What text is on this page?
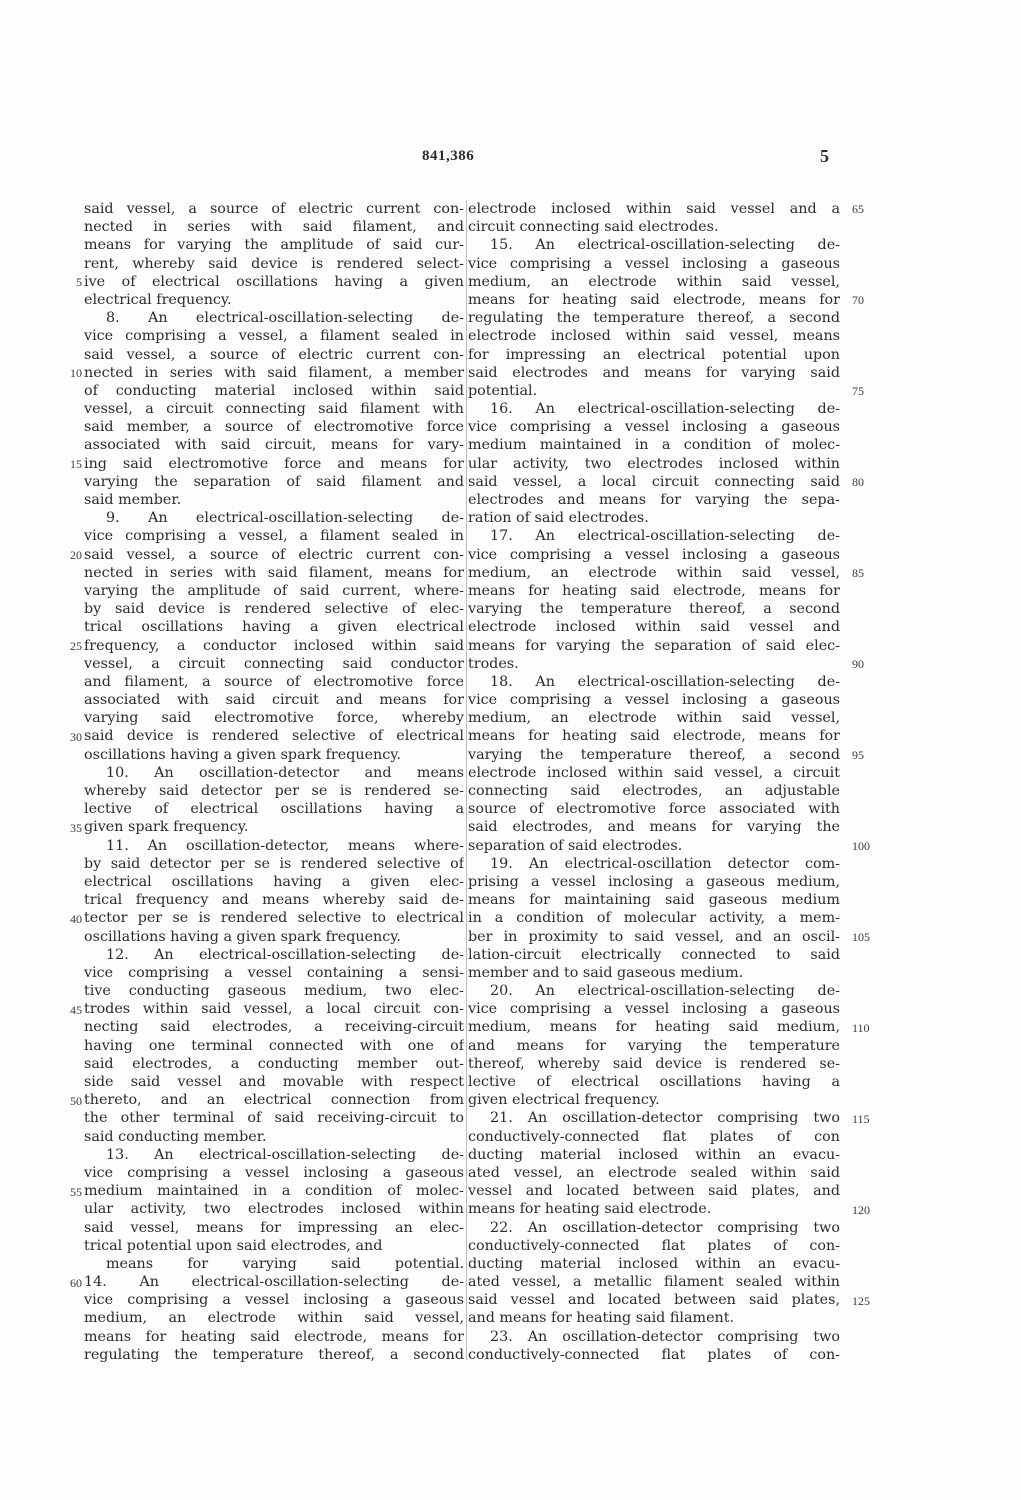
841,386	5
5
10
15
20
25
30
35
40
45
50
55
60
said vessel, a source of electric current con-
nected in series with said filament, and
means for varying the amplitude of said cur-
rent, whereby said device is rendered select-
ive of electrical oscillations having a given
electrical frequency.
8. An electrical-oscillation-selecting de-
vice comprising a vessel, a filament sealed in
said vessel, a source of electric current con-
nected in series with said filament, a member
of conducting material inclosed within said
vessel, a circuit connecting said filament with
said member, a source of electromotive force
associated with said circuit, means for vary-
ing said electromotive force and means for
varying the separation of said filament and
said member.
9. An electrical-oscillation-selecting de-
vice comprising a vessel, a filament sealed in
said vessel, a source of electric current con-
nected in series with said filament, means for
varying the amplitude of said current, where-
by said device is rendered selective of elec-
trical oscillations having a given electrical
frequency, a conductor inclosed within said
vessel, a circuit connecting said conductor
and filament, a source of electromotive force
associated with said circuit and means for
varying said electromotive force, whereby
said device is rendered selective of electrical
oscillations having a given spark frequency.
10. An oscillation-detector and means
whereby said detector per se is rendered se-
lective of electrical oscillations having a
given spark frequency.
11. An oscillation-detector, means where-
by said detector per se is rendered selective of
electrical oscillations having a given elec-
trical frequency and means whereby said de-
tector per se is rendered selective to electrical
oscillations having a given spark frequency.
12. An electrical-oscillation-selecting de-
vice comprising a vessel containing a sensi-
tive conducting gaseous medium, two elec-
trodes within said vessel, a local circuit con-
necting said electrodes, a receiving-circuit
having one terminal connected with one of
said electrodes, a conducting member out-
side said vessel and movable with respect
thereto, and an electrical connection from
the other terminal of said receiving-circuit to
said conducting member.
13. An electrical-oscillation-selecting de-
vice comprising a vessel inclosing a gaseous
medium maintained in a condition of molec-
ular activity, two electrodes inclosed within
said vessel, means for impressing an elec-
trical potential upon said electrodes, and
means for varying said potential.
14. An electrical-oscillation-selecting de-
vice comprising a vessel inclosing a gaseous
medium, an electrode within said vessel,
means for heating said electrode, means for
regulating the temperature thereof, a second
electrode inclosed within said vessel and a
circuit connecting said electrodes.
15. An electrical-oscillation-selecting de-
vice comprising a vessel inclosing a gaseous
medium, an electrode within said vessel,
means for heating said electrode, means for
regulating the temperature thereof, a second
electrode inclosed within said vessel, means
for impressing an electrical potential upon
said electrodes and means for varying said
potential.
16. An electrical-oscillation-selecting de-
vice comprising a vessel inclosing a gaseous
medium maintained in a condition of molec-
ular activity, two electrodes inclosed within
said vessel, a local circuit connecting said
electrodes and means for varying the sepa-
ration of said electrodes.
17. An electrical-oscillation-selecting de-
vice comprising a vessel inclosing a gaseous
medium, an electrode within said vessel,
means for heating said electrode, means for
varying the temperature thereof, a second
electrode inclosed within said vessel and
means for varying the separation of said elec-
trodes.
18. An electrical-oscillation-selecting de-
vice comprising a vessel inclosing a gaseous
medium, an electrode within said vessel,
means for heating said electrode, means for
varying the temperature thereof, a second
electrode inclosed within said vessel, a circuit
connecting said electrodes, an adjustable
source of electromotive force associated with
said electrodes, and means for varying the
separation of said electrodes.
19. An electrical-oscillation detector com-
prising a vessel inclosing a gaseous medium,
means for maintaining said gaseous medium
in a condition of molecular activity, a mem-
ber in proximity to said vessel, and an oscil-
lation-circuit electrically connected to said
member and to said gaseous medium.
20. An electrical-oscillation-selecting de-
vice comprising a vessel inclosing a gaseous
medium, means for heating said medium,
and means for varying the temperature
thereof, whereby said device is rendered se-
lective of electrical oscillations having a
given electrical frequency.
21. An oscillation-detector comprising two
conductively-connected flat plates of con
ducting material inclosed within an evacu-
ated vessel, an electrode sealed within said
vessel and located between said plates, and
means for heating said electrode.
22. An oscillation-detector comprising two
conductively-connected flat plates of con-
ducting material inclosed within an evacu-
ated vessel, a metallic filament sealed within
said vessel and located between said plates,
and means for heating said filament.
23. An oscillation-detector comprising two
conductively-connected flat plates of con-
65
70
75
80
85
90
95
100
105
110
115
120
125
